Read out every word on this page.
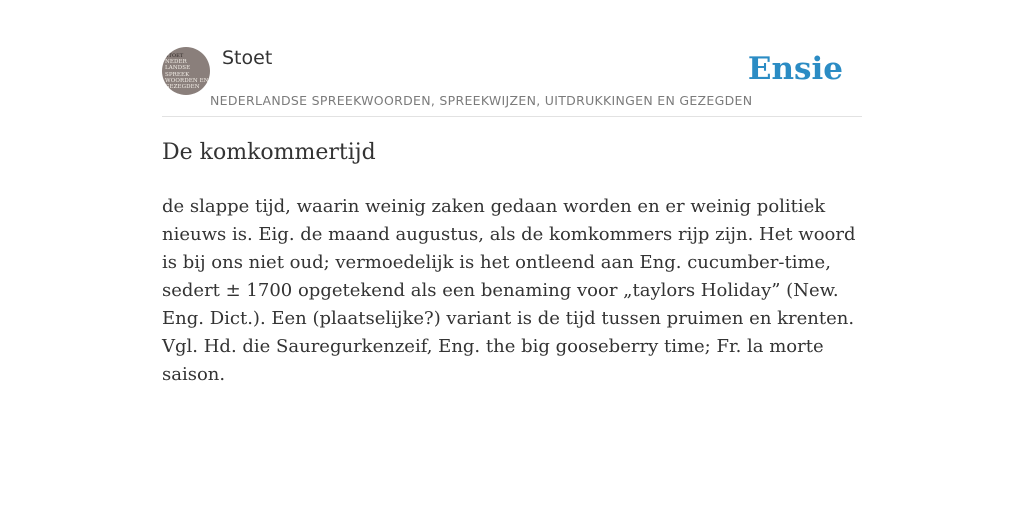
STOET
NEDER
LANDSE
SPREEK
WOORDEN EN
GEZEGDEN
Stoet
NEDERLANDSE SPREEKWOORDEN, SPREEKWIJZEN, UITDRUKKINGEN EN GEZEGDEN
Ensie
De komkommertijd

de slappe tijd, waarin weinig zaken gedaan worden en er weinig politiek nieuws is. Eig. de maand augustus, als de komkommers rijp zijn. Het woord is bij ons niet oud; vermoedelijk is het ontleend aan Eng. cucumber-time, sedert ± 1700 opgetekend als een benaming voor „taylors Holiday” (New. Eng. Dict.). Een (plaatselijke?) variant is de tijd tussen pruimen en krenten. Vgl. Hd. die Sauregurkenzeif, Eng. the big gooseberry time; Fr. la morte saison.
